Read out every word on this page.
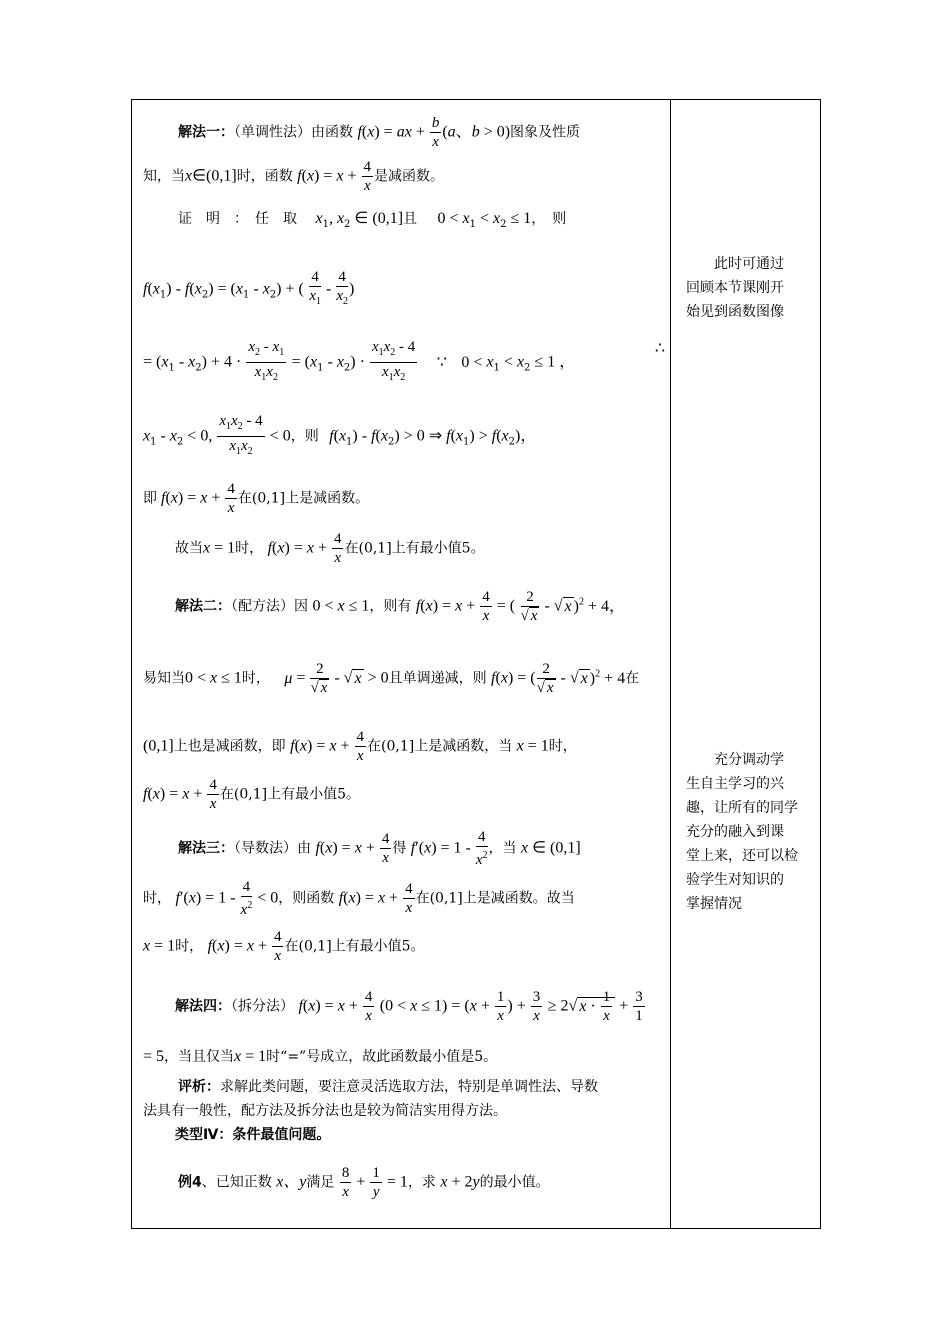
此时可通过
回顾本节课刚开
始见到函数图像
充分调动学
生自主学习的兴
趣，让所有的同学
充分的融入到课
堂上来，还可以检
验学生对知识的
掌握情况
解法一：（单调性法）由函数 f(x) = ax + $\frac{b}{x} (a$、b > 0)图象及性质
知，当x∈(0,1]时，函数 $f(x) = x + \frac{4}{x}$ 是减函数。
证　明　：　任　取 $x_1$, $x_2$ ∈ (0,1]且 $0 < x_1 < x_2 \le 1$，　则
$f(x_1) - f(x_2) = (x_1 - x_2)$ + ( $\frac{4}{x_1} - \frac{4}{x_2}$ )
= $(x_1 - x_2) + 4 \cdot \frac{x_2 - x_1}{x_1x_2} = (x_1 - x_2) \cdot \frac{x_1x_2 - 4}{x_1x_2}$ ∵ $0 < x_1 < x_2 \le 1$ ，
∴
$x_1 - x_2 < 0$, $\frac{x_1x_2 - 4}{x_1x_2} < 0$，则 $f(x_1) - f(x_2) > 0$ ⇒ $f(x_1) > f(x_2)$，
即 $f(x) = x + \frac{4}{x}$ 在(0,1]上是减函数。
故当x = 1时， $f(x) = x + \frac{4}{x}$ 在(0,1]上有最小值5。
解法二：（配方法）因 0 < x ≤ 1，则有 $f(x) = x + \frac{4}{x}$ = ( $\frac{2}{√ x}$ - √ x )$^2$ + 4，
易知当0 < x ≤ 1时， $\mu = \frac{2}{√ x}$ - √ x > 0且单调递减，则 f(x) = ( $\frac{2}{√ x}$ - √ x )$^2$ + 4在
(0,1]上也是减函数，即 $f(x) = x + \frac{4}{x}$ 在(0,1]上是减函数，当 x = 1时，
$f(x) = x + \frac{4}{x}$ 在(0,1]上有最小值5。
解法三：（导数法）由 $f(x) = x + \frac{4}{x}$ 得 $f'(x) = 1 - \frac{4}{x^2}$ ，当 x ∈ (0,1]
时， $f'(x) = 1 - \frac{4}{x^2} < 0$，则函数 $f(x) = x + \frac{4}{x}$ 在(0,1]上是减函数。故当
x = 1时， $f(x) = x + \frac{4}{x}$ 在(0,1]上有最小值5。
解法四：（拆分法） $f(x) = x + \frac{4}{x} (0 < x \le 1) = (x + \frac{1}{x}$ ) + $\frac{3}{x} \ge 2√$ $x \cdot \frac{1}{x} + \frac{3}{1}$
= 5，当且仅当x = 1时“=”号成立，故此函数最小值是5。
评析：求解此类问题，要注意灵活选取方法，特别是单调性法、导数
法具有一般性，配方法及拆分法也是较为简洁实用得方法。
类型Ⅳ：条件最值问题。
例4、已知正数 x、y满足 $\frac{8}{x} + \frac{1}{y} = 1$，求 x + 2y的最小值。
